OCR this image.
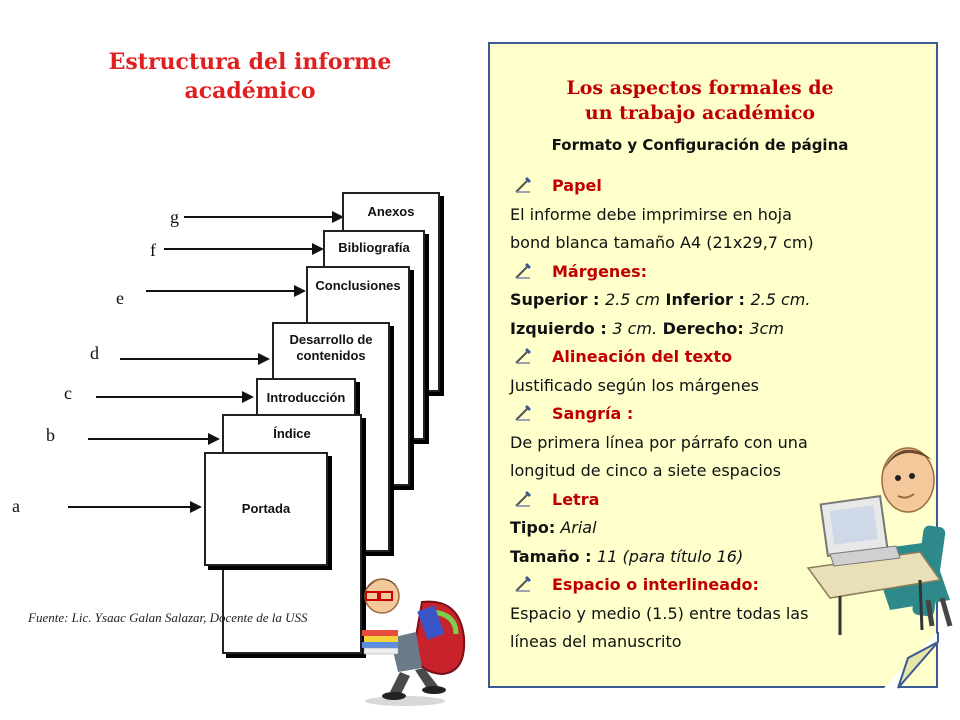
Estructura del informe
académico
g	Anexos
f	Bibliografía
e
Conclusiones
d
Desarrollo de
contenidos
c	Introducción
b	Índice
a	Portada
Fuente: Lic. Ysaac Galan Salazar, Docente de la USS
Los aspectos formales de
un trabajo académico
Formato y Configuración de página
Papel
El informe debe imprimirse en hoja
bond blanca tamaño A4 (21x29,7 cm)
Márgenes:
Superior : 2.5 cm Inferior : 2.5 cm.
Izquierdo : 3 cm. Derecho: 3cm
Alineación del texto
Justificado según los márgenes
Sangría :
De primera línea por párrafo con una
longitud de cinco a siete espacios
Letra
Tipo: Arial
Tamaño : 11 (para título 16)
Espacio o interlineado:
Espacio y medio (1.5) entre todas las
líneas del manuscrito
